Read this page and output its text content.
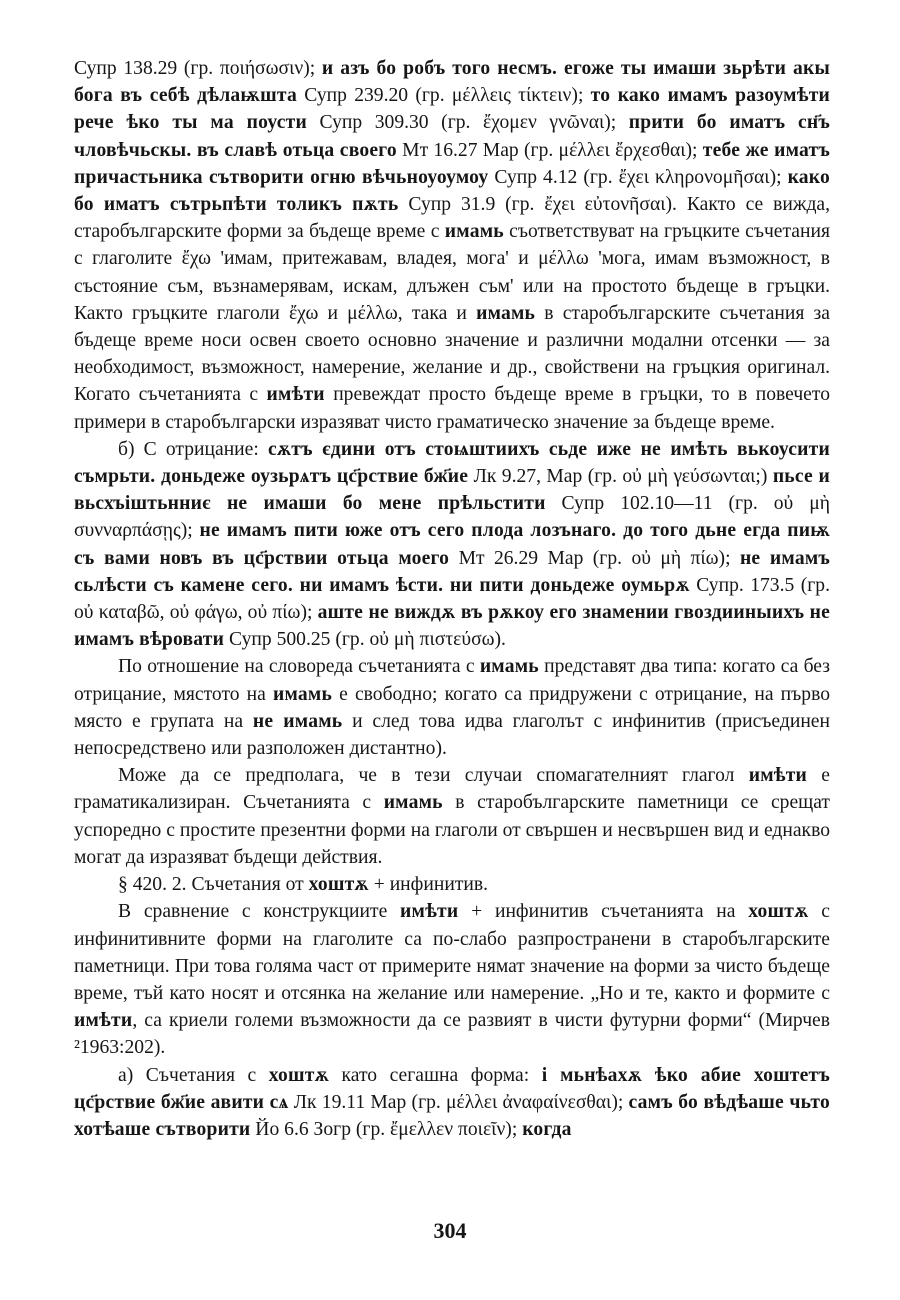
Супр 138.29 (гр. ποιήσωσιν); и азъ бо робъ того несмъ. егоже ты имаши зьрѣти акы бога въ себѣ дѣлаѭшта Супр 239.20 (гр. μέλλεις τίκτειν); то како имамъ разоумѣти рече ѣко ты ма поусти Супр 309.30 (гр. ἔχομεν γνῶναι); прити бо иматъ сн҃ъ чловѣчьскы. въ славѣ отьца своего Мт 16.27 Мар (гр. μέλλει ἔρχεσθαι); тебе же иматъ причастьника сътворити огню вѣчьноуоумоу Супр 4.12 (гр. ἔχει κληρονομῆσαι); како бо иматъ сътрьпѣти толикъ пѫть Супр 31.9 (гр. ἔχει εὐτονῆσαι). Както се вижда, старобългарските форми за бъдеще време с имамь съответствуват на гръцките съчетания с глаголите ἔχω 'имам, притежавам, владея, мога' и μέλλω 'мога, имам възможност, в състояние съм, възнамерявам, искам, длъжен съм' или на простото бъдеще в гръцки. Както гръцките глаголи ἔχω и μέλλω, така и имамь в старобългарските съчетания за бъдеще време носи освен своето основно значение и различни модални отсенки — за необходимост, възможност, намерение, желание и др., свойствени на гръцкия оригинал. Когато съчетанията с имѣти превеждат просто бъдеще време в гръцки, то в повечето примери в старобългарски изразяват чисто граматическо значение за бъдеще време.

б) С отрицание: сѫтъ єдини отъ стоѩштиихъ сьде иже не имѣть вькоусити съмрьти. доньдеже оузьрѧтъ цс҃рствие бж҃ие Лк 9.27, Мар (гр. οὐ μὴ γεύσωνται;) пьсе и вьсхъіштьнниє не имаши бо мене прѣльстити Супр 102.10—11 (гр. οὐ μὴ συνναρπάσῃς); не имамъ пити юже отъ сего плода лозънаго. до того дьне егда пиѭ съ вами новъ въ цс҃рствии отьца моего Мт 26.29 Мар (гр. οὐ μὴ πίω); не имамъ сьлѣсти съ камене сего. ни имамъ ѣсти. ни пити доньдеже оумьрѫ Супр. 173.5 (гр. οὐ καταβῶ, οὐ φάγω, οὐ πίω); аште не виждѫ въ рѫкоу его знамении гвоздииныихъ не имамъ вѣровати Супр 500.25 (гр. οὐ μὴ πιστεύσω).

По отношение на словореда съчетанията с имамь представят два типа: когато са без отрицание, мястото на имамь е свободно; когато са придружени с отрицание, на първо място е групата на не имамь и след това идва глаголът с инфинитив (присъединен непосредствено или разположен дистантно).

Може да се предполага, че в тези случаи спомагателният глагол имѣти е граматикализиран. Съчетанията с имамь в старобългарските паметници се срещат успоредно с простите презентни форми на глаголи от свършен и несвършен вид и еднакво могат да изразяват бъдещи действия.

§ 420. 2. Съчетания от хоштѫ + инфинитив.

В сравнение с конструкциите имѣти + инфинитив съчетанията на хоштѫ с инфинитивните форми на глаголите са по-слабо разпространени в старобългарските паметници. При това голяма част от примерите нямат значение на форми за чисто бъдеще време, тъй като носят и отсянка на желание или намерение. „Но и те, както и формите с имѣти, са криели големи възможности да се развият в чисти футурни форми“ (Мирчев ²1963:202).

а) Съчетания с хоштѫ като сегашна форма: і мьнѣахѫ ѣко абие хоштетъ цс҃рствие бж҃ие авити сѧ Лк 19.11 Мар (гр. μέλλει ἀναφαίνεσθαι); самъ бо вѣдѣаше чьто хотѣаше сътворити Йо 6.6 Зогр (гр. ἔμελλεν ποιεῖν); когда

304
